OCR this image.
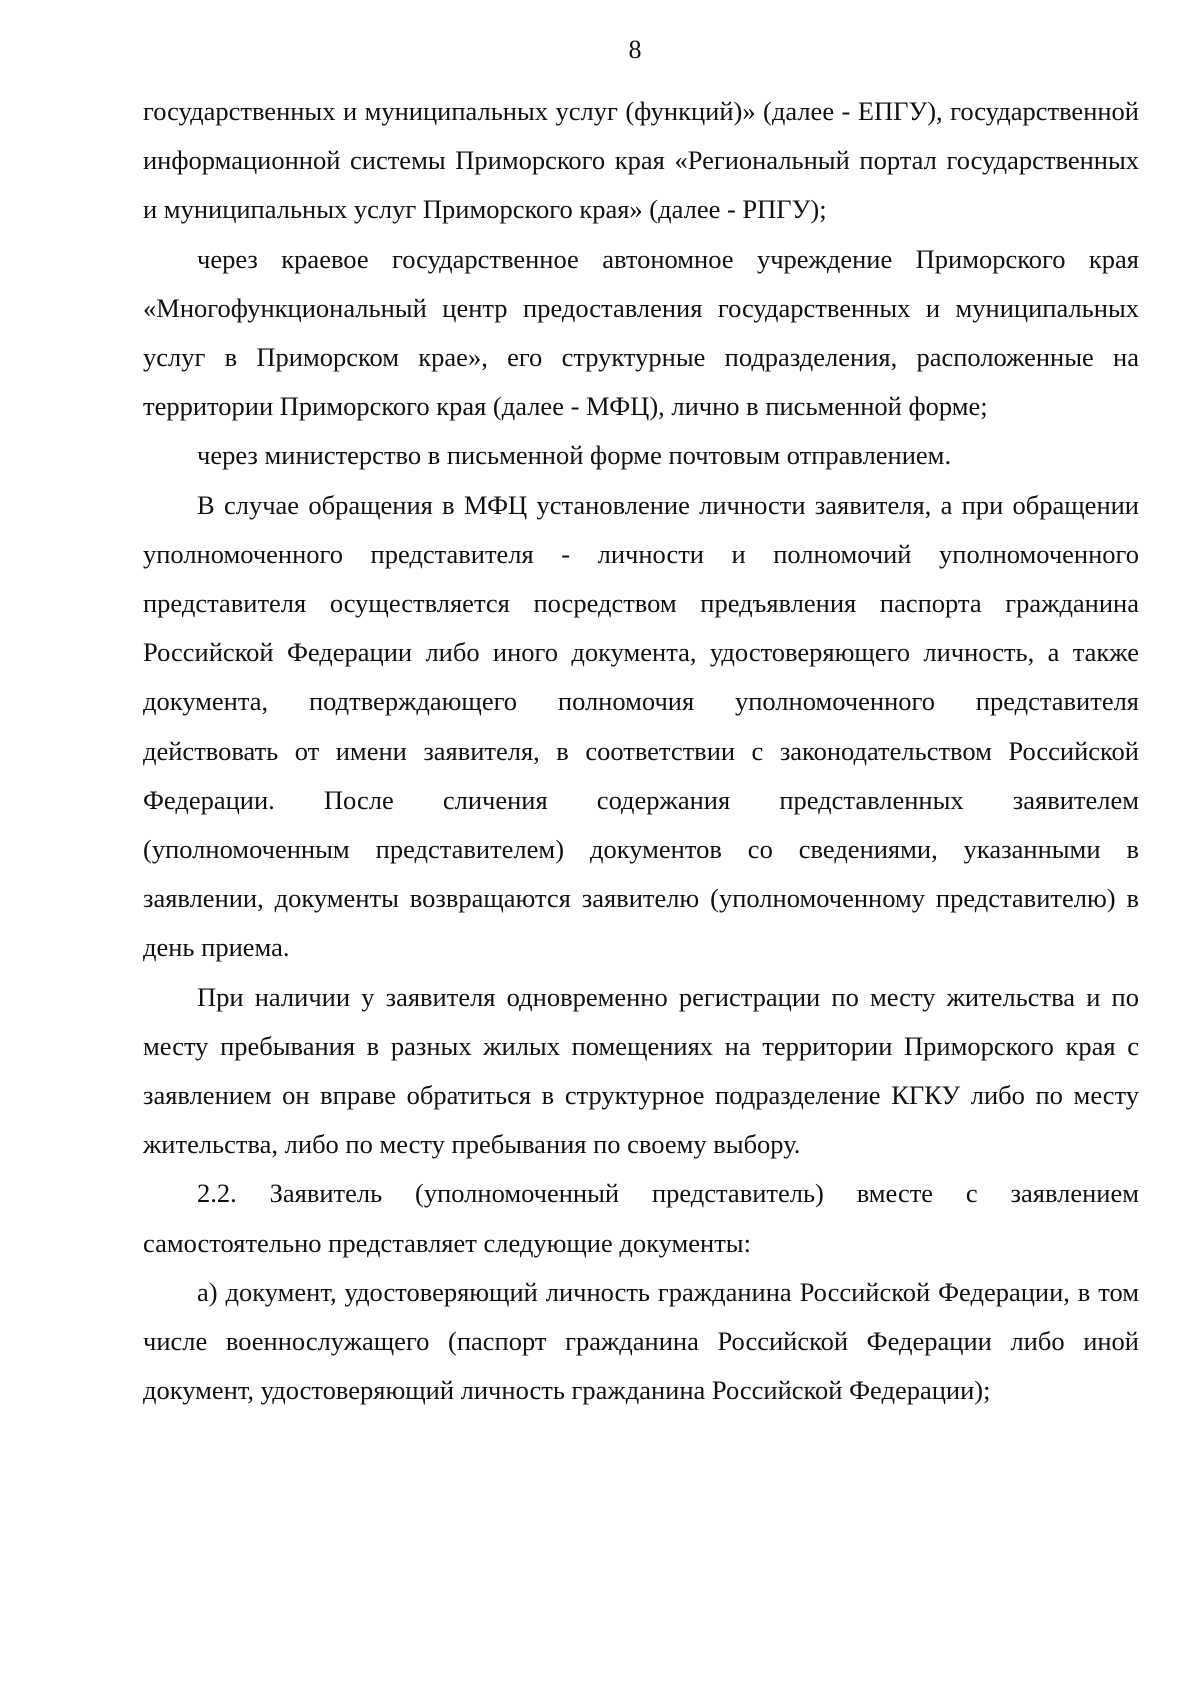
8

государственных и муниципальных услуг (функций)» (далее - ЕПГУ), государственной информационной системы Приморского края «Региональный портал государственных и муниципальных услуг Приморского края» (далее - РПГУ);

через краевое государственное автономное учреждение Приморского края «Многофункциональный центр предоставления государственных и муниципальных услуг в Приморском крае», его структурные подразделения, расположенные на территории Приморского края (далее - МФЦ), лично в письменной форме;

через министерство в письменной форме почтовым отправлением.

В случае обращения в МФЦ установление личности заявителя, а при обращении уполномоченного представителя - личности и полномочий уполномоченного представителя осуществляется посредством предъявления паспорта гражданина Российской Федерации либо иного документа, удостоверяющего личность, а также документа, подтверждающего полномочия уполномоченного представителя действовать от имени заявителя, в соответствии с законодательством Российской Федерации. После сличения содержания представленных заявителем (уполномоченным представителем) документов со сведениями, указанными в заявлении, документы возвращаются заявителю (уполномоченному представителю) в день приема.

При наличии у заявителя одновременно регистрации по месту жительства и по месту пребывания в разных жилых помещениях на территории Приморского края с заявлением он вправе обратиться в структурное подразделение КГКУ либо по месту жительства, либо по месту пребывания по своему выбору.

2.2. Заявитель (уполномоченный представитель) вместе с заявлением самостоятельно представляет следующие документы:

а) документ, удостоверяющий личность гражданина Российской Федерации, в том числе военнослужащего (паспорт гражданина Российской Федерации либо иной документ, удостоверяющий личность гражданина Российской Федерации);
